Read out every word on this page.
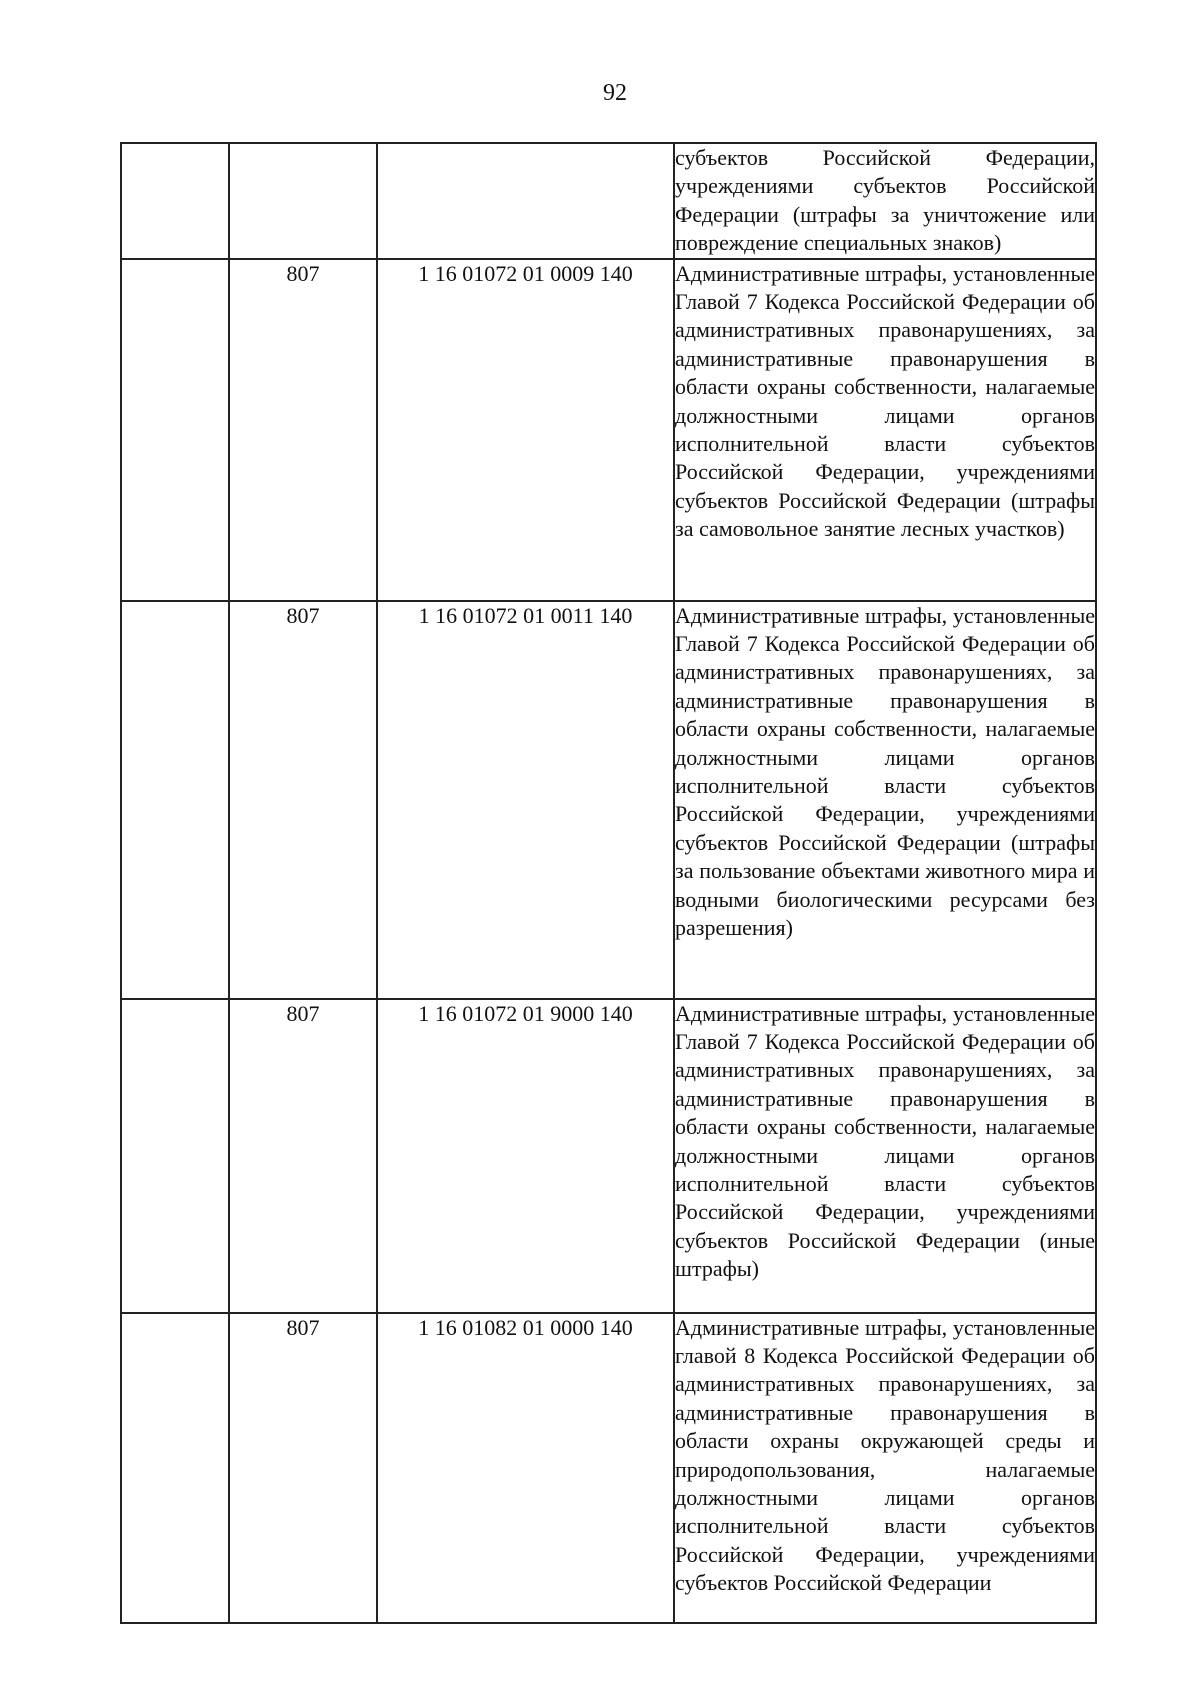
92

			субъектов Российской Федерации, учреждениями субъектов Российской Федерации (штрафы за уничтожение или повреждение специальных знаков)

	807	1 16 01072 01 0009 140	Административные штрафы, установленные Главой 7 Кодекса Российской Федерации об административных правонарушениях, за административные правонарушения в области охраны собственности, налагаемые должностными лицами органов исполнительной власти субъектов Российской Федерации, учреждениями субъектов Российской Федерации (штрафы за самовольное занятие лесных участков)

	807	1 16 01072 01 0011 140	Административные штрафы, установленные Главой 7 Кодекса Российской Федерации об административных правонарушениях, за административные правонарушения в области охраны собственности, налагаемые должностными лицами органов исполнительной власти субъектов Российской Федерации, учреждениями субъектов Российской Федерации (штрафы за пользование объектами животного мира и водными биологическими ресурсами без разрешения)

	807	1 16 01072 01 9000 140	Административные штрафы, установленные Главой 7 Кодекса Российской Федерации об административных правонарушениях, за административные правонарушения в области охраны собственности, налагаемые должностными лицами органов исполнительной власти субъектов Российской Федерации, учреждениями субъектов Российской Федерации (иные штрафы)

	807	1 16 01082 01 0000 140	Административные штрафы, установленные главой 8 Кодекса Российской Федерации об административных правонарушениях, за административные правонарушения в области охраны окружающей среды и природопользования, налагаемые должностными лицами органов исполнительной власти субъектов Российской Федерации, учреждениями субъектов Российской Федерации
